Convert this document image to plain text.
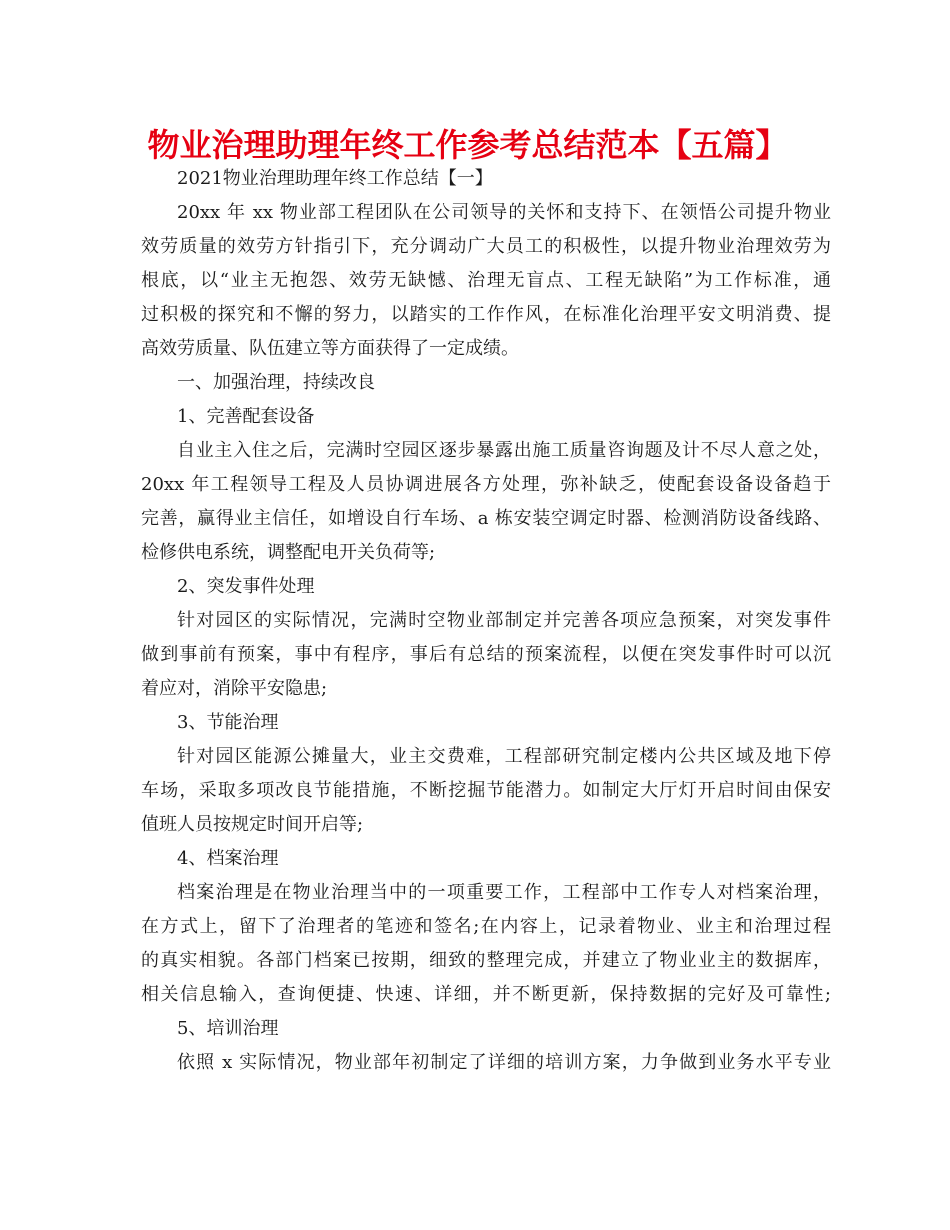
物业治理助理年终工作参考总结范本【五篇】
2021物业治理助理年终工作总结【一】
20xx 年 xx 物业部工程团队在公司领导的关怀和支持下、在领悟公司提升物业
效劳质量的效劳方针指引下，充分调动广大员工的积极性，以提升物业治理效劳为
根底，以“业主无抱怨、效劳无缺憾、治理无盲点、工程无缺陷”为工作标准，通
过积极的探究和不懈的努力，以踏实的工作作风，在标准化治理平安文明消费、提
高效劳质量、队伍建立等方面获得了一定成绩。
一、加强治理，持续改良
1、完善配套设备
自业主入住之后，完满时空园区逐步暴露出施工质量咨询题及计不尽人意之处，
20xx 年工程领导工程及人员协调进展各方处理，弥补缺乏，使配套设备设备趋于
完善，赢得业主信任，如增设自行车场、a 栋安装空调定时器、检测消防设备线路、
检修供电系统，调整配电开关负荷等;
2、突发事件处理
针对园区的实际情况，完满时空物业部制定并完善各项应急预案，对突发事件
做到事前有预案，事中有程序，事后有总结的预案流程，以便在突发事件时可以沉
着应对，消除平安隐患;
3、节能治理
针对园区能源公摊量大，业主交费难，工程部研究制定楼内公共区域及地下停
车场，采取多项改良节能措施，不断挖掘节能潜力。如制定大厅灯开启时间由保安
值班人员按规定时间开启等;
4、档案治理
档案治理是在物业治理当中的一项重要工作，工程部中工作专人对档案治理，
在方式上，留下了治理者的笔迹和签名;在内容上，记录着物业、业主和治理过程
的真实相貌。各部门档案已按期，细致的整理完成，并建立了物业业主的数据库，
相关信息输入，查询便捷、快速、详细，并不断更新，保持数据的完好及可靠性;
5、培训治理
依照 x 实际情况，物业部年初制定了详细的培训方案，力争做到业务水平专业
